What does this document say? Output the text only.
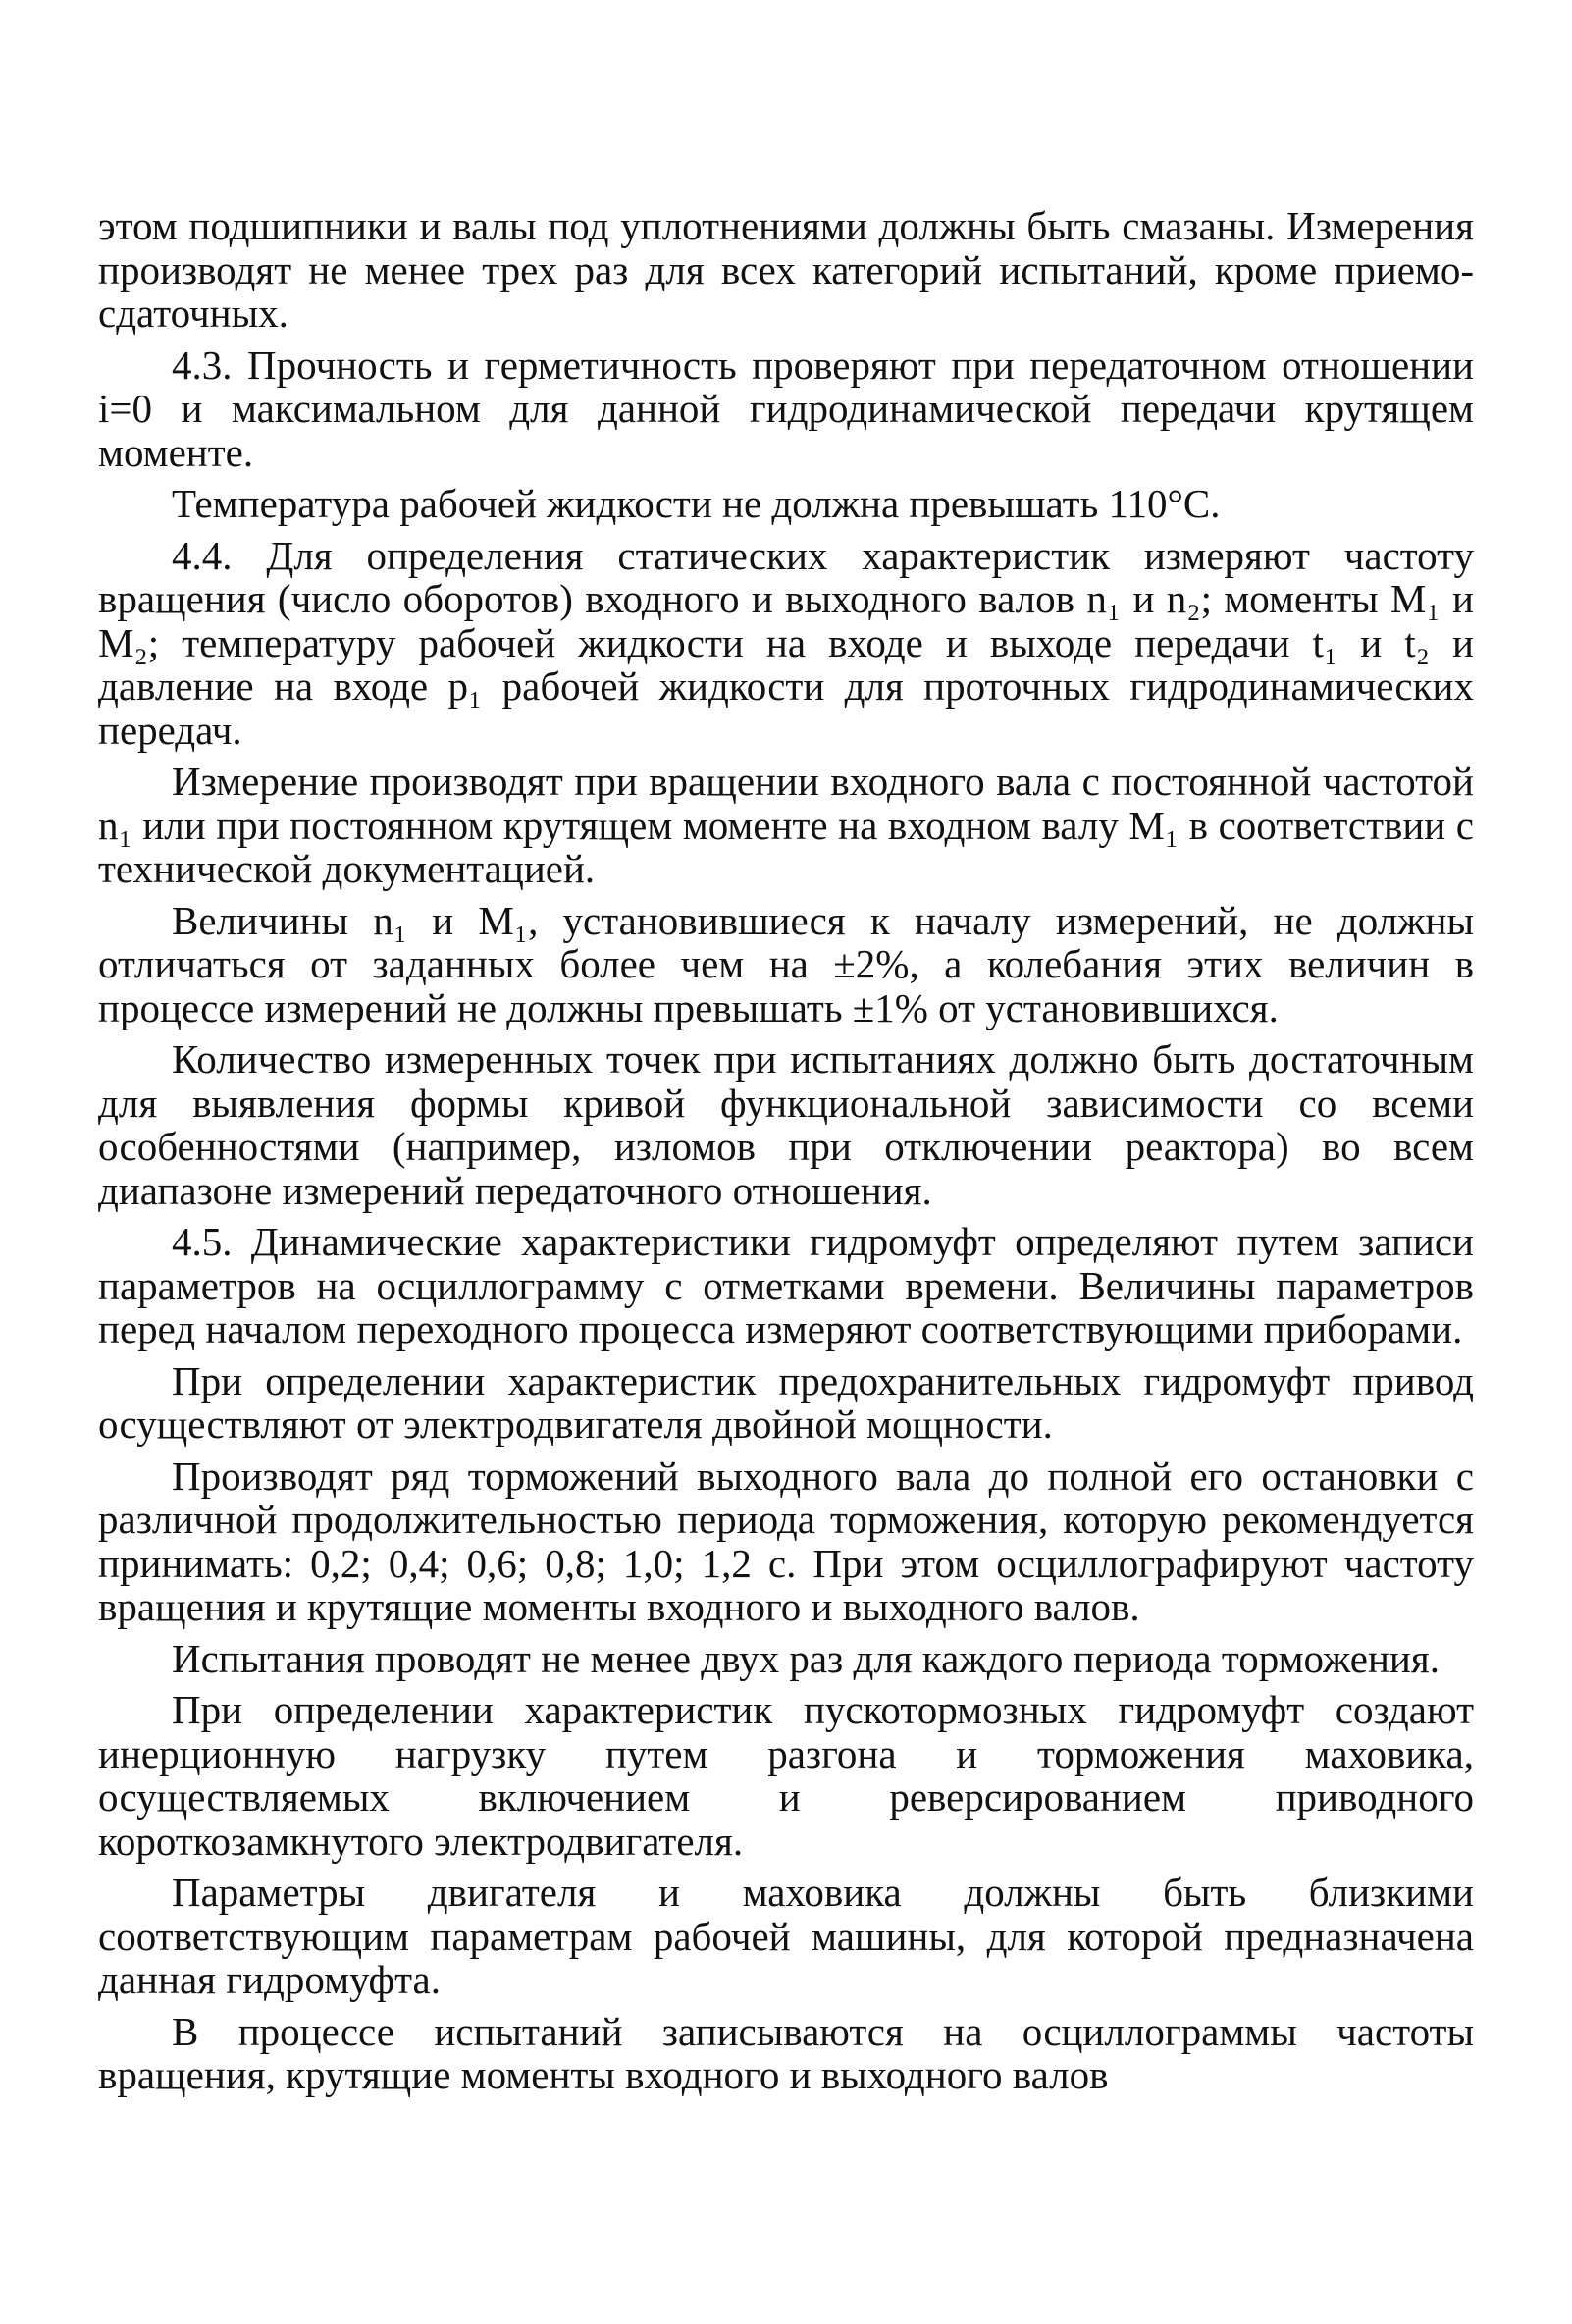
этом подшипники и валы под уплотнениями должны быть смазаны. Измерения производят не менее трех раз для всех категорий испытаний, кроме приемо-сдаточных.

4.3. Прочность и герметичность проверяют при передаточном отношении i=0 и максимальном для данной гидродинамической передачи крутящем моменте.

Температура рабочей жидкости не должна превышать 110°С.

4.4. Для определения статических характеристик измеряют частоту вращения (число оборотов) входного и выходного валов n₁ и n₂; моменты M₁ и M₂; температуру рабочей жидкости на входе и выходе передачи t₁ и t₂ и давление на входе p₁ рабочей жидкости для проточных гидродинамических передач.

Измерение производят при вращении входного вала с постоянной частотой n₁ или при постоянном крутящем моменте на входном валу M₁ в соответствии с технической документацией.

Величины n₁ и M₁, установившиеся к началу измерений, не должны отличаться от заданных более чем на ±2%, а колебания этих величин в процессе измерений не должны превышать ±1% от установившихся.

Количество измеренных точек при испытаниях должно быть достаточным для выявления формы кривой функциональной зависимости со всеми особенностями (например, изломов при отключении реактора) во всем диапазоне измерений передаточного отношения.

4.5. Динамические характеристики гидромуфт определяют путем записи параметров на осциллограмму с отметками времени. Величины параметров перед началом переходного процесса измеряют соответствующими приборами.

При определении характеристик предохранительных гидромуфт привод осуществляют от электродвигателя двойной мощности.

Производят ряд торможений выходного вала до полной его остановки с различной продолжительностью периода торможения, которую рекомендуется принимать: 0,2; 0,4; 0,6; 0,8; 1,0; 1,2 с. При этом осциллографируют частоту вращения и крутящие моменты входного и выходного валов.

Испытания проводят не менее двух раз для каждого периода торможения.

При определении характеристик пускотормозных гидромуфт создают инерционную нагрузку путем разгона и торможения маховика, осуществляемых включением и реверсированием приводного короткозамкнутого электродвигателя.

Параметры двигателя и маховика должны быть близкими соответствующим параметрам рабочей машины, для которой предназначена данная гидромуфта.

В процессе испытаний записываются на осциллограммы частоты вращения, крутящие моменты входного и выходного валов
